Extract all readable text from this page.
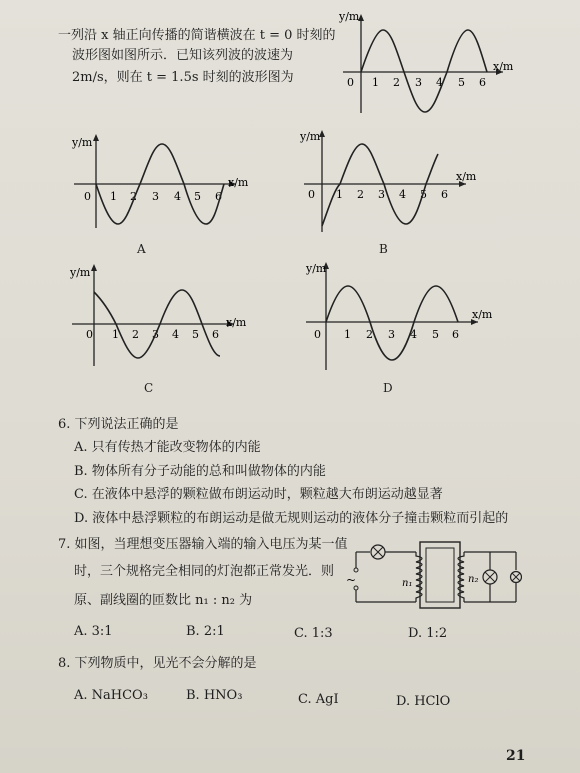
一列沿 x 轴正向传播的简谐横波在 t = 0 时刻的
波形图如图所示．已知该列波的波速为
2m/s，则在 t = 1.5s 时刻的波形图为
y/m
x/m
0 1 2 3 4 5 6
y/m
x/m
0 1 2 3 4 5 6
A
y/m
x/m
0 1 2 3 4 5 6
B
y/m
x/m
0 1 2 3 4 5 6
C
y/m
x/m
0 1 2 3 4 5 6
D
6. 下列说法正确的是
A. 只有传热才能改变物体的内能
B. 物体所有分子动能的总和叫做物体的内能
C. 在液体中悬浮的颗粒做布朗运动时，颗粒越大布朗运动越显著
D. 液体中悬浮颗粒的布朗运动是做无规则运动的液体分子撞击颗粒而引起的
7. 如图，当理想变压器输入端的输入电压为某一值
时，三个规格完全相同的灯泡都正常发光．则
原、副线圈的匝数比 n₁ : n₂ 为
~	n₁	n₂
A. 3:1	B. 2:1	C. 1:3	D. 1:2
8. 下列物质中，见光不会分解的是
A. NaHCO₃	B. HNO₃	C. AgI	D. HClO
21
